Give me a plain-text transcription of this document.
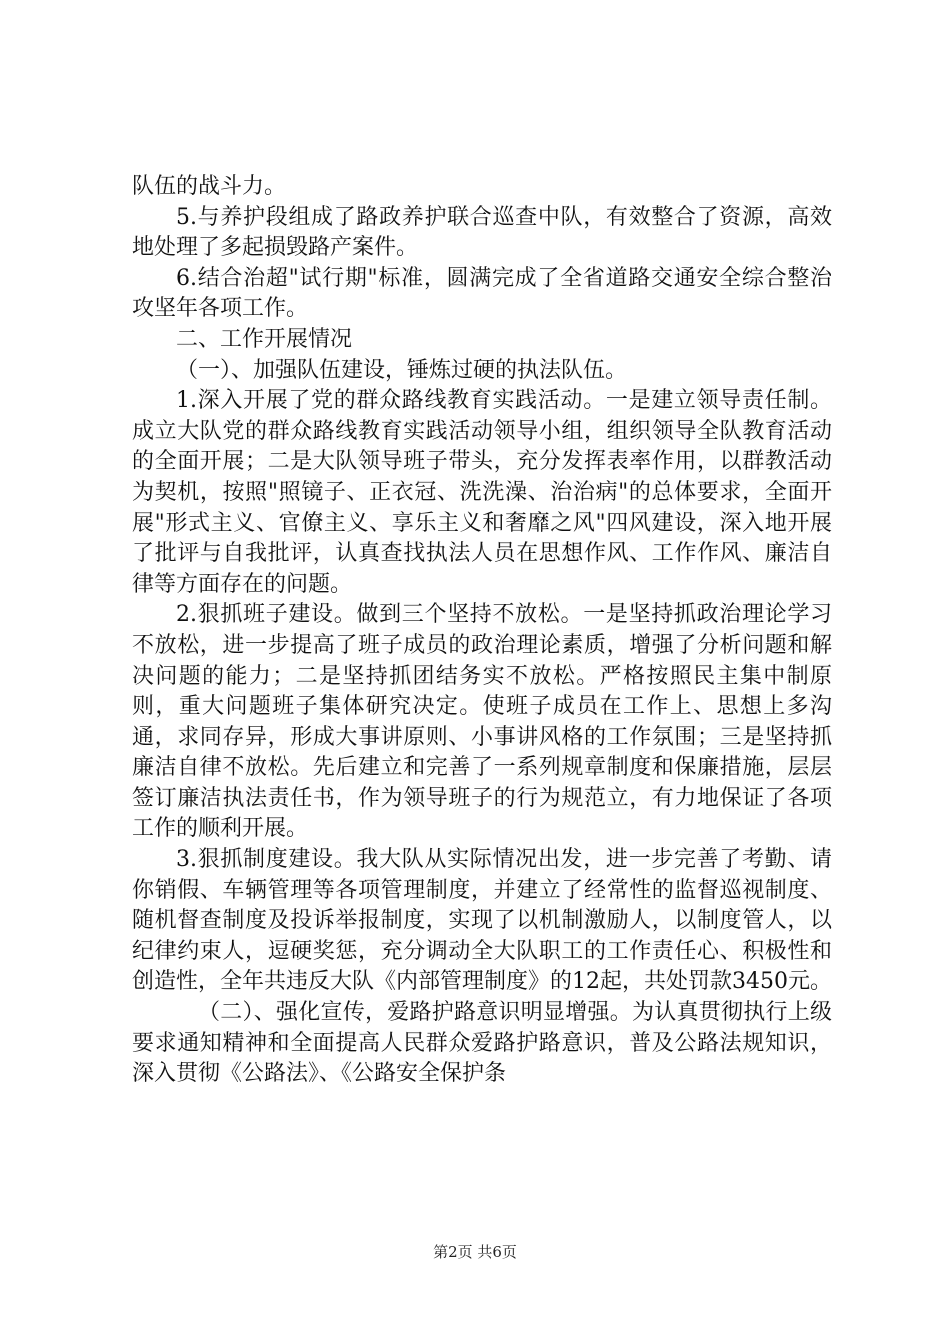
队伍的战斗力。

5.与养护段组成了路政养护联合巡查中队，有效整合了资源，高效地处理了多起损毁路产案件。

6.结合治超"试行期"标准，圆满完成了全省道路交通安全综合整治攻坚年各项工作。

二、工作开展情况

（一）、加强队伍建设，锤炼过硬的执法队伍。

1.深入开展了党的群众路线教育实践活动。一是建立领导责任制。成立大队党的群众路线教育实践活动领导小组，组织领导全队教育活动的全面开展；二是大队领导班子带头，充分发挥表率作用，以群教活动为契机，按照"照镜子、正衣冠、洗洗澡、治治病"的总体要求，全面开展"形式主义、官僚主义、享乐主义和奢靡之风"四风建设，深入地开展了批评与自我批评，认真查找执法人员在思想作风、工作作风、廉洁自律等方面存在的问题。

2.狠抓班子建设。做到三个坚持不放松。一是坚持抓政治理论学习不放松，进一步提高了班子成员的政治理论素质，增强了分析问题和解决问题的能力；二是坚持抓团结务实不放松。严格按照民主集中制原则，重大问题班子集体研究决定。使班子成员在工作上、思想上多沟通，求同存异，形成大事讲原则、小事讲风格的工作氛围；三是坚持抓廉洁自律不放松。先后建立和完善了一系列规章制度和保廉措施，层层签订廉洁执法责任书，作为领导班子的行为规范立，有力地保证了各项工作的顺利开展。

3.狠抓制度建设。我大队从实际情况出发，进一步完善了考勤、请你销假、车辆管理等各项管理制度，并建立了经常性的监督巡视制度、随机督查制度及投诉举报制度，实现了以机制激励人，以制度管人，以纪律约束人，逗硬奖惩，充分调动全大队职工的工作责任心、积极性和创造性，全年共违反大队《内部管理制度》的12起，共处罚款3450元。

（二）、强化宣传，爱路护路意识明显增强。为认真贯彻执行上级要求通知精神和全面提高人民群众爱路护路意识，普及公路法规知识，深入贯彻《公路法》、《公路安全保护条

第2页 共6页
